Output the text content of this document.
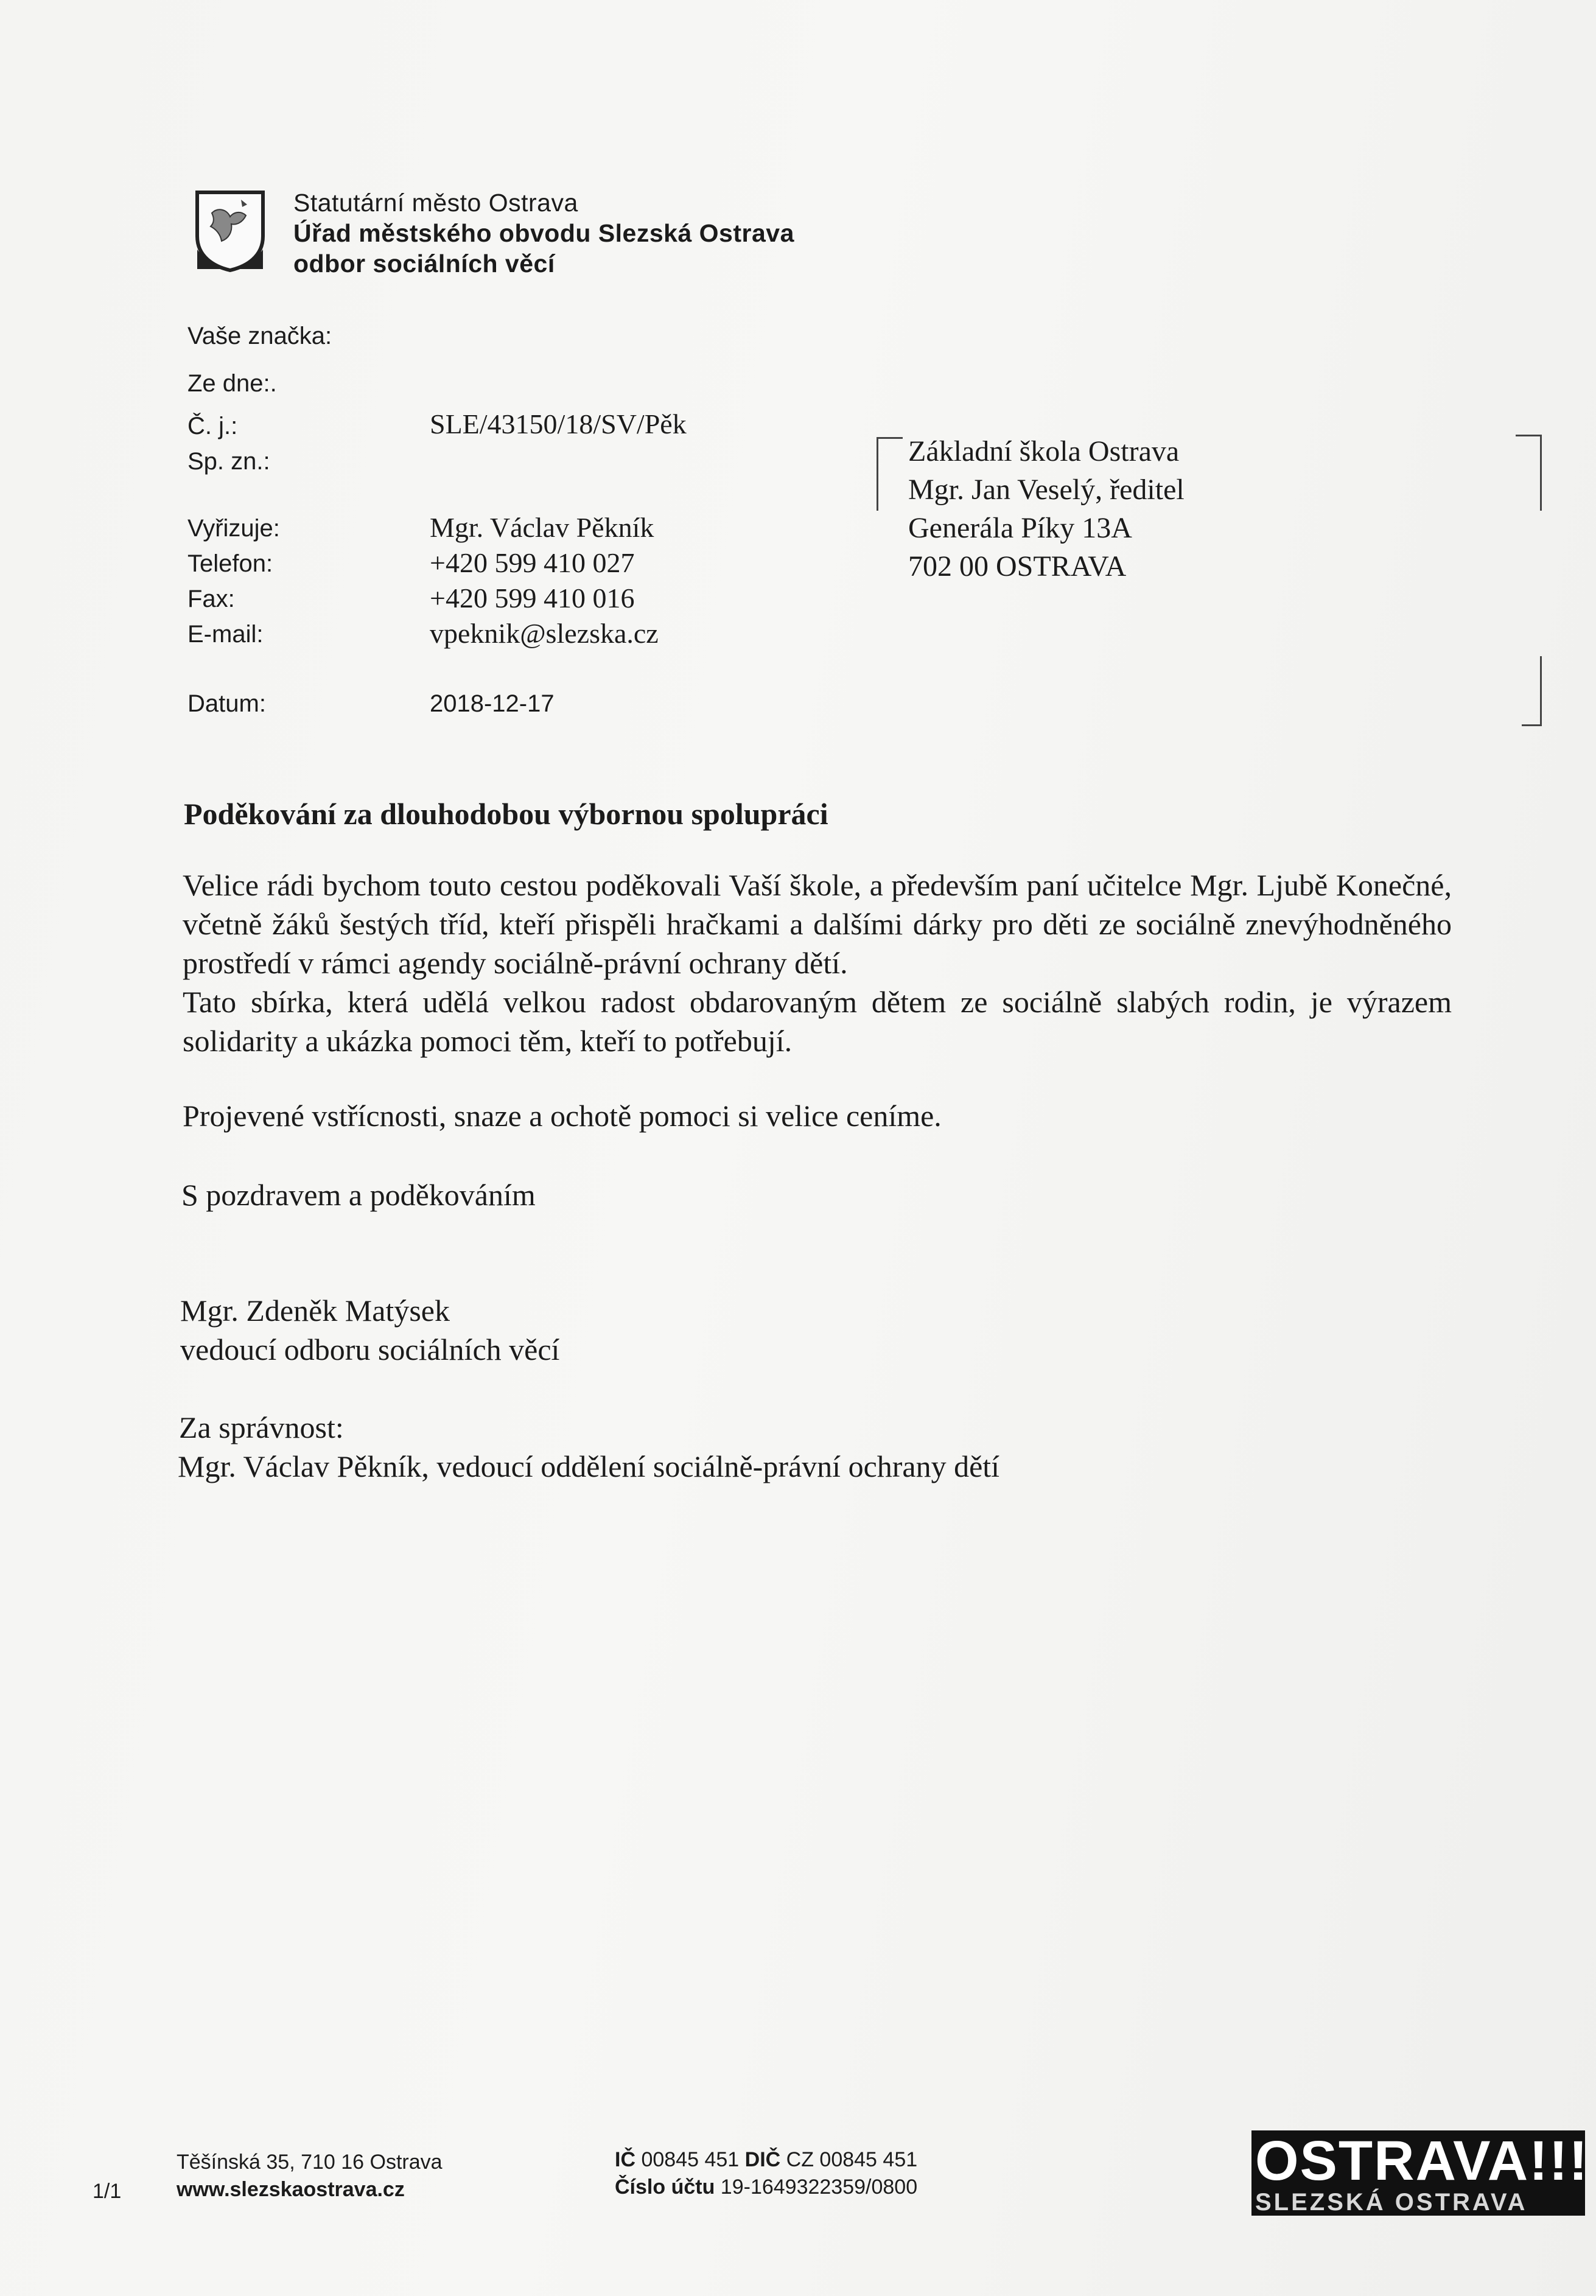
Statutární město Ostrava
Úřad městského obvodu Slezská Ostrava
odbor sociálních věcí
Vaše značka:
Ze dne:.
Č. j.:	SLE/43150/18/SV/Pěk
Sp. zn.:
Vyřizuje:	Mgr. Václav Pěkník
Telefon:	+420 599 410 027
Fax:	+420 599 410 016
E-mail:	vpeknik@slezska.cz
Datum:	2018-12-17
Základní škola Ostrava
Mgr. Jan Veselý, ředitel
Generála Píky 13A
702 00 OSTRAVA
Poděkování za dlouhodobou výbornou spolupráci
Velice rádi bychom touto cestou poděkovali Vaší škole, a především paní učitelce Mgr. Ljubě Konečné, včetně žáků šestých tříd, kteří přispěli hračkami a dalšími dárky pro děti ze sociálně znevýhodněného prostředí v rámci agendy sociálně-právní ochrany dětí.
Tato sbírka, která udělá velkou radost obdarovaným dětem ze sociálně slabých rodin, je výrazem solidarity a ukázka pomoci těm, kteří to potřebují.
Projevené vstřícnosti, snaze a ochotě pomoci si velice ceníme.
S pozdravem a poděkováním
Mgr. Zdeněk Matýsek
vedoucí odboru sociálních věcí
Za správnost:
Mgr. Václav Pěkník, vedoucí oddělení sociálně-právní ochrany dětí
1/1
Těšínská 35, 710 16 Ostrava
www.slezskaostrava.cz
IČ 00845 451 DIČ CZ 00845 451
Číslo účtu 19-1649322359/0800	OSTRAVA!!!
SLEZSKÁ OSTRAVA
